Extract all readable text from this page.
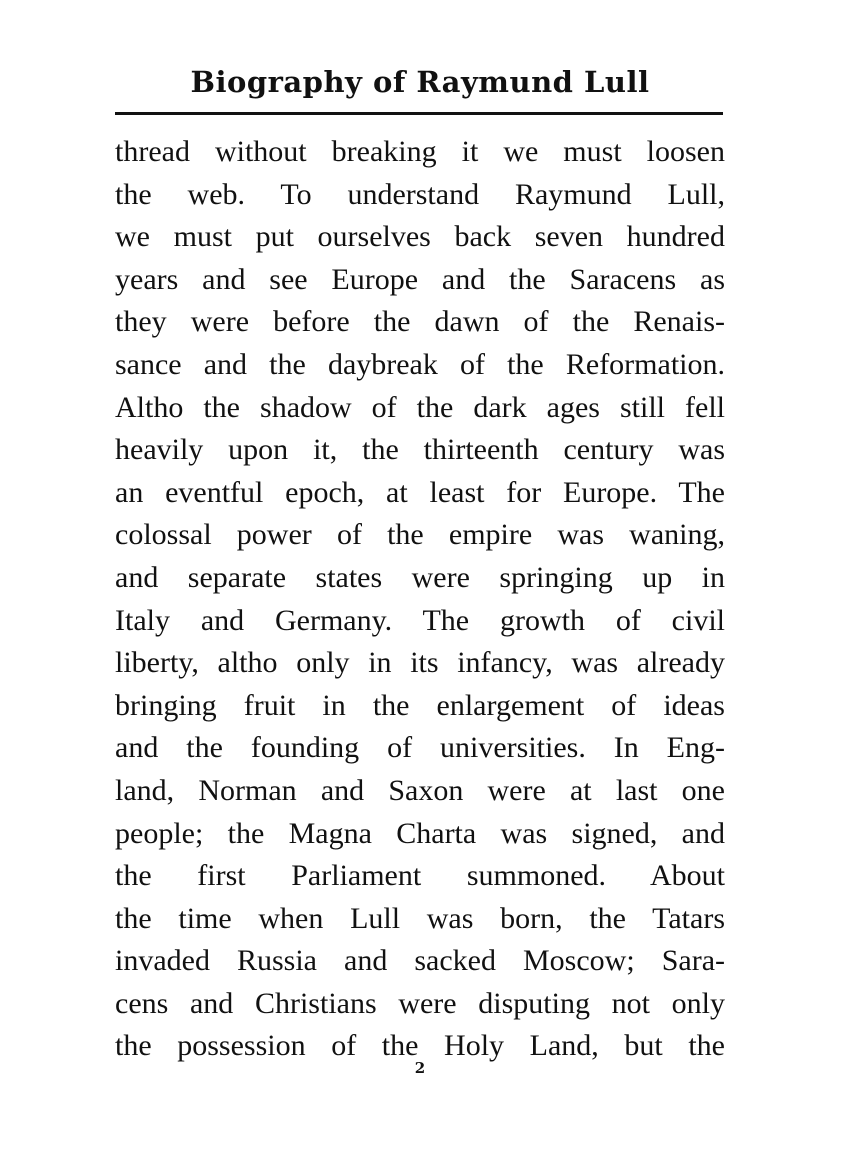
Biography of Raymund Lull
thread without breaking it we must loosen
the web. To understand Raymund Lull,
we must put ourselves back seven hundred
years and see Europe and the Saracens as
they were before the dawn of the Renais-
sance and the daybreak of the Reformation.
Altho the shadow of the dark ages still fell
heavily upon it, the thirteenth century was
an eventful epoch, at least for Europe. The
colossal power of the empire was waning,
and separate states were springing up in
Italy and Germany. The growth of civil
liberty, altho only in its infancy, was already
bringing fruit in the enlargement of ideas
and the founding of universities. In Eng-
land, Norman and Saxon were at last one
people; the Magna Charta was signed, and
the first Parliament summoned. About
the time when Lull was born, the Tatars
invaded Russia and sacked Moscow; Sara-
cens and Christians were disputing not only
the possession of the Holy Land, but the
2
